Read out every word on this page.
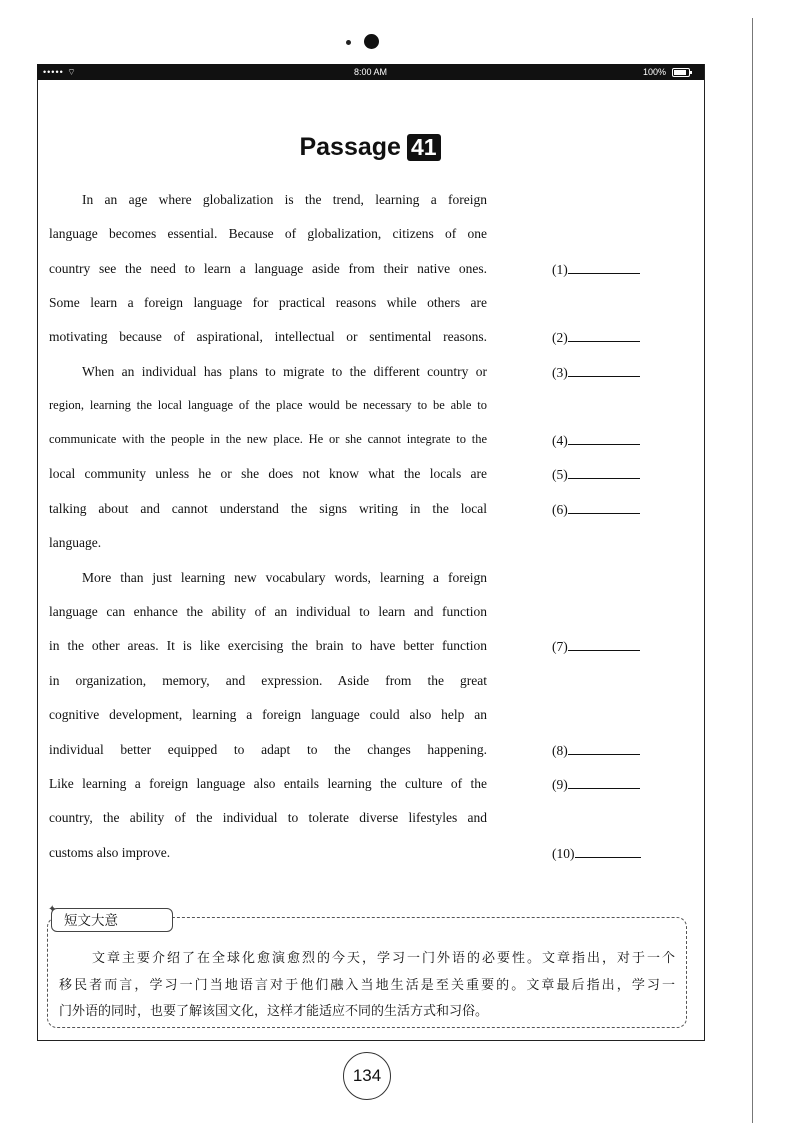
••••• ⌔	8:00 AM	100%
Passage 41
In an age where globalization is the trend, learning a foreign
language becomes essential. Because of globalization, citizens of one
country see the need to learn a language aside from their native ones.
Some learn a foreign language for practical reasons while others are
motivating because of aspirational, intellectual or sentimental reasons.
When an individual has plans to migrate to the different country or
region, learning the local language of the place would be necessary to be able to
communicate with the people in the new place. He or she cannot integrate to the
local community unless he or she does not know what the locals are
talking about and cannot understand the signs writing in the local
language.
More than just learning new vocabulary words, learning a foreign
language can enhance the ability of an individual to learn and function
in the other areas. It is like exercising the brain to have better function
in organization, memory, and expression. Aside from the great
cognitive development, learning a foreign language could also help an
individual better equipped to adapt to the changes happening.
Like learning a foreign language also entails learning the culture of the
country, the ability of the individual to tolerate diverse lifestyles and
customs also improve.
(1)
(2)
(3)
(4)
(5)
(6)
(7)
(8)
(9)
(10)
✦
短文大意
文章主要介绍了在全球化愈演愈烈的今天，学习一门外语的必要性。文章指出，对于一个
移民者而言，学习一门当地语言对于他们融入当地生活是至关重要的。文章最后指出，学习一
门外语的同时，也要了解该国文化，这样才能适应不同的生活方式和习俗。
134
